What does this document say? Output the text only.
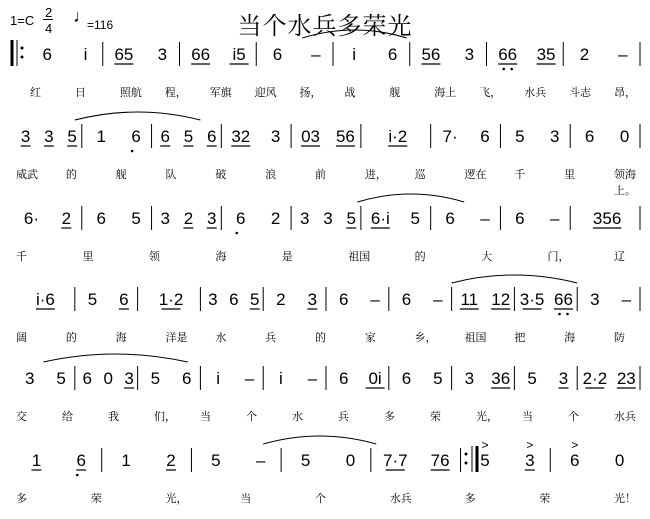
当个水兵多荣光
1=C
2
4
♩
=116
6 i 65 3 66 i5 6 – i 6 56 3 66 35 2 –
3 3 5 1 6 6 5 6 32 3 03 56 i·2 7· 6 5 3 6 0
6· 2 6 5 3 2 3 6 2 3 3 5 6·i 5 6 – 6 – 356
i·6 5 6 1·2 3 6 5 2 3 6 – 6 – 11 12 3·5 66 3 –
3 5 6 0 3 5 6 i – i – 6 0i 6 5 3 36 5 3 2·2 23
1 6 1 2 5 – 5 0 7·7 76 5
>
3
>
6
>
0
红	日	照航 程， 军旗 迎风 扬， 战	舰	海上 飞， 水兵 斗志 昂，
威武	的	舰	队	破	浪	前	进，	巡	逻在	千	里	领海上。
千	里	领	海	是	祖国	的	大	门，	辽
阔	的	海	洋是	水	兵	的	家	乡，	祖国	把	海	防
交	给	我	们， 当	个	水	兵	多	荣	光， 当	个	水兵
多	荣	光，	当	个	水兵	多	荣	光！
